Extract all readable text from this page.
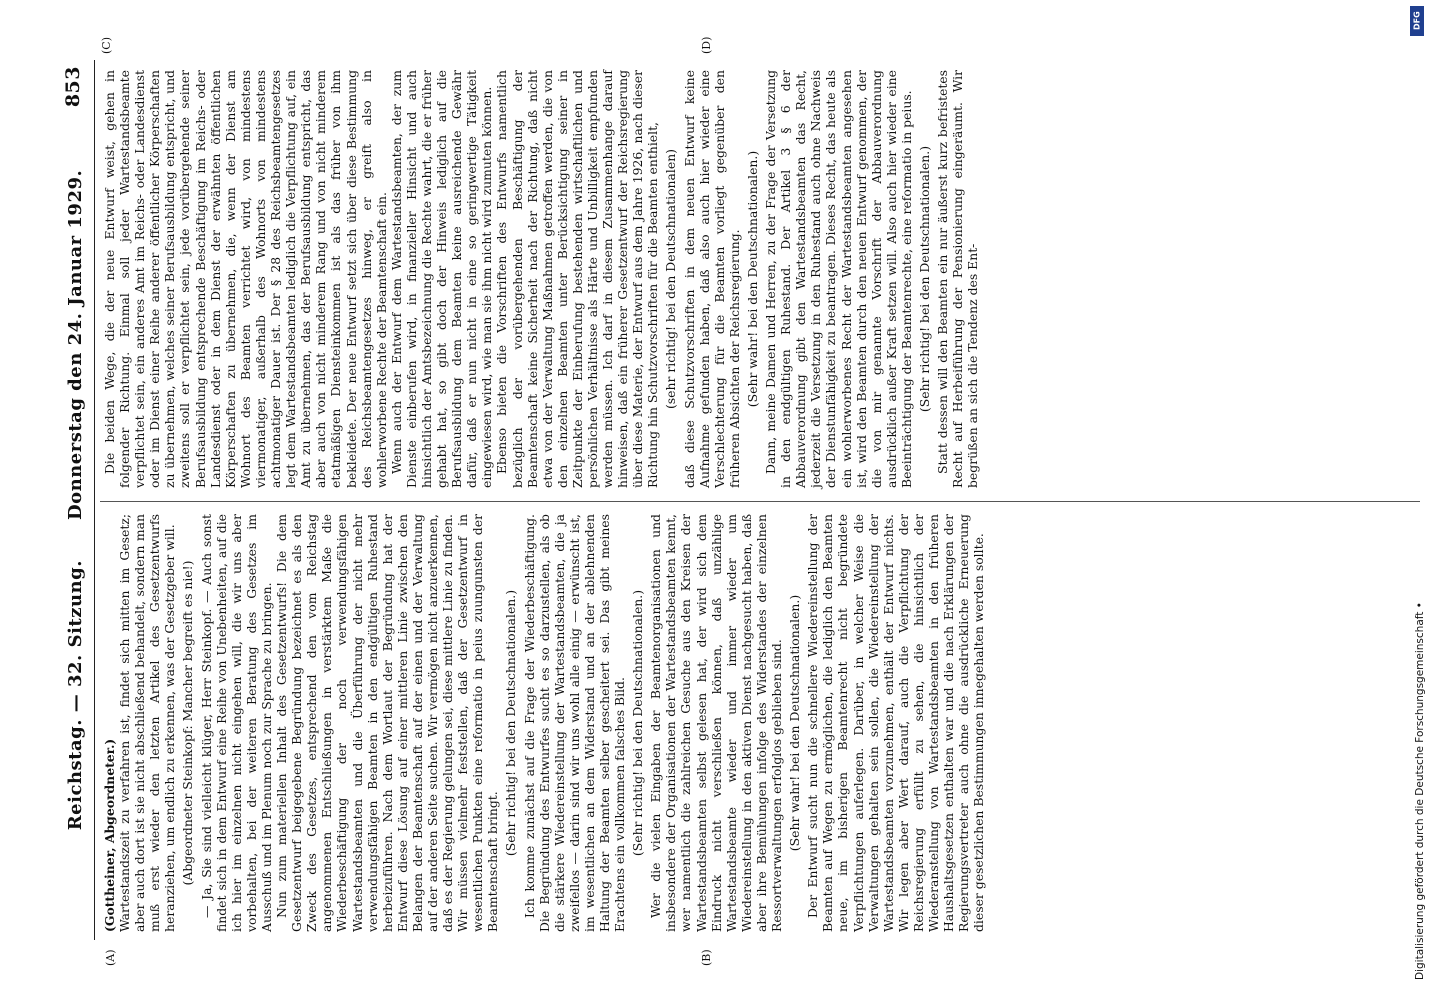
Reichstag. — 32. Sitzung.
Donnerstag den 24. Januar 1929.
853

(Gottheiner, Abgeordneter.) Wartestandszeit zu verfahren ist, findet sich mitten im Gesetz; aber auch dort ist sie nicht abschließend behandelt, sondern man muß erst wieder den letzten Artikel des Gesetzentwurfs heranziehen, um endlich zu erkennen, was der Gesetzgeber will. (Abgeordneter Steinkopf: Mancher begreift es nie!) — Ja, Sie sind vielleicht klüger, Herr Steinkopf. — Auch sonst findet sich in dem Entwurf eine Reihe von Unebenheiten, auf die ich hier im einzelnen nicht eingehen will, die wir uns aber vorbehalten, bei der weiteren Beratung des Gesetzes im Ausschuß und im Plenum noch zur Sprache zu bringen. Nun zum materiellen Inhalt des Gesetzentwurfs! Die dem Gesetzentwurf beigegebene Begründung bezeichnet es als den Zweck des Gesetzes, entsprechend den vom Reichstag angenommenen Entschließungen in verstärktem Maße die Wiederbeschäftigung der noch verwendungsfähigen Wartestandsbeamten und die Überführung der nicht mehr verwendungsfähigen Beamten in den endgültigen Ruhestand herbeizuführen. Nach dem Wortlaut der Begründung hat der Entwurf diese Lösung auf einer mittleren Linie zwischen den Belangen der Beamtenschaft auf der einen und der Verwaltung auf der anderen Seite suchen. Wir vermögen nicht anzuerkennen, daß es der Regierung gelungen sei, diese mittlere Linie zu finden. Wir müssen vielmehr feststellen, daß der Gesetzentwurf in wesentlichen Punkten eine reformatio in peius zuungunsten der Beamtenschaft bringt.

(Sehr richtig! bei den Deutschnationalen.) Ich komme zunächst auf die Frage der Wiederbeschäftigung. Die Begründung des Entwurfes sucht es so darzustellen, als ob die stärkere Wiedereinstellung der Wartestandsbeamten, die ja zweifellos — darin sind wir uns wohl alle einig — erwünscht ist, im wesentlichen an dem Widerstand und an der ablehnenden Haltung der Beamten selber gescheitert sei. Das gibt meines Erachtens ein vollkommen falsches Bild. (Sehr richtig! bei den Deutschnationalen.) Wer die vielen Eingaben der Beamtenorganisationen und insbesondere der Organisationen der Wartestandsbeamten kennt, wer namentlich die zahlreichen Gesuche aus den Kreisen der Wartestandsbeamten selbst gelesen hat, der wird sich dem Eindruck nicht verschließen können, daß unzählige Wartestandsbeamte wieder und immer wieder um Wiedereinstellung in den aktiven Dienst nachgesucht haben, daß aber ihre Bemühungen infolge des Widerstandes der einzelnen Ressortverwaltungen erfolglos geblieben sind. (Sehr wahr! bei den Deutschnationalen.) Der Entwurf sucht nun die schnellere Wiedereinstellung der Beamten auf Wegen zu ermöglichen, die lediglich den Beamten neue, im bisherigen Beamtenrecht nicht begründete Verpflichtungen auferlegen. Darüber, in welcher Weise die Verwaltungen gehalten sein sollen, die Wiedereinstellung der Wartestandsbeamten vorzunehmen, enthält der Entwurf nichts. Wir legen aber Wert darauf, auch die Verpflichtung der Reichsregierung erfüllt zu sehen, die hinsichtlich der Wiederanstellung von Wartestandsbeamten in den früheren Haushaltsgesetzen enthalten war und die nach Erklärungen der Regierungsvertreter auch ohne die ausdrückliche Erneuerung dieser gesetzlichen Bestimmungen innegehalten werden sollte.

Die beiden Wege, die der neue Entwurf weist, gehen in folgender Richtung. Einmal soll jeder Wartestandsbeamte verpflichtet sein, ein anderes Amt im Reichs- oder Landesdienst oder im Dienst einer Reihe anderer öffentlicher Körperschaften zu übernehmen, welches seiner Berufsausbildung entspricht, und zweitens soll er verpflichtet sein, jede vorübergehende seiner Berufsausbildung entsprechende Beschäftigung im Reichs- oder Landesdienst oder in dem Dienst der erwähnten öffentlichen Körperschaften zu übernehmen, die, wenn der Dienst am Wohnort des Beamten verrichtet wird, von mindestens viermonatiger, außerhalb des Wohnorts von mindestens achtmonatiger Dauer ist. Der § 28 des Reichsbeamtengesetzes legt dem Wartestandsbeamten lediglich die Verpflichtung auf, ein Amt zu übernehmen, das der Berufsausbildung entspricht, das aber auch von nicht minderem Rang und von nicht minderem etatmäßigen Diensteinkommen ist als das früher von ihm bekleidete. Der neue Entwurf setzt sich über diese Bestimmung des Reichsbeamtengesetzes hinweg, er greift also in wohlerworbene Rechte der Beamtenschaft ein. Wenn auch der Entwurf dem Wartestandsbeamten, der zum Dienste einberufen wird, in finanzieller Hinsicht und auch hinsichtlich der Amtsbezeichnung die Rechte wahrt, die er früher gehabt hat, so gibt doch der Hinweis lediglich auf die Berufsausbildung dem Beamten keine ausreichende Gewähr dafür, daß er nun nicht in eine so geringwertige Tätigkeit eingewiesen wird, wie man sie ihm nicht wird zumuten können. Ebenso bieten die Vorschriften des Entwurfs namentlich bezüglich der vorübergehenden Beschäftigung der Beamtenschaft keine Sicherheit nach der Richtung, daß nicht etwa von der Verwaltung Maßnahmen getroffen werden, die von den einzelnen Beamten unter Berücksichtigung seiner in Zeitpunkte der Einberufung bestehenden wirtschaftlichen und persönlichen Verhältnisse als Härte und Unbilligkeit empfunden werden müssen. Ich darf in diesem Zusammenhange darauf hinweisen, daß ein früherer Gesetzentwurf der Reichsregierung über diese Materie, der Entwurf aus dem Jahre 1926, nach dieser Richtung hin Schutzvorschriften für die Beamten enthielt, (sehr richtig! bei den Deutschnationalen) daß diese Schutzvorschriften in dem neuen Entwurf keine Aufnahme gefunden haben, daß also auch hier wieder eine Verschlechterung für die Beamten vorliegt gegenüber den früheren Absichten der Reichsregierung. (Sehr wahr! bei den Deutschnationalen.) Dann, meine Damen und Herren, zu der Frage der Versetzung in den endgültigen Ruhestand. Der Artikel 3 § 6 der Abbauverordnung gibt den Wartestandsbeamten das Recht, jederzeit die Versetzung in den Ruhestand auch ohne Nachweis der Dienstunfähigkeit zu beantragen. Dieses Recht, das heute als ein wohlerworbenes Recht der Wartestandsbeamten angesehen ist, wird den Beamten durch den neuen Entwurf genommen, der die von mir genannte Vorschrift der Abbauverordnung ausdrücklich außer Kraft setzen will. Also auch hier wieder eine Beeinträchtigung der Beamtenrechte, eine reformatio in peius. (Sehr richtig! bei den Deutschnationalen.) Statt dessen will den Beamten ein nur äußerst kurz befristetes Recht auf Herbeiführung der Pensionierung eingeräumt. Wir begrüßen an sich die Tendenz des Ent-

(A)	(B)
(C)	(D)
DFG
Digitalisierung gefördert durch die Deutsche Forschungsgemeinschaft •
